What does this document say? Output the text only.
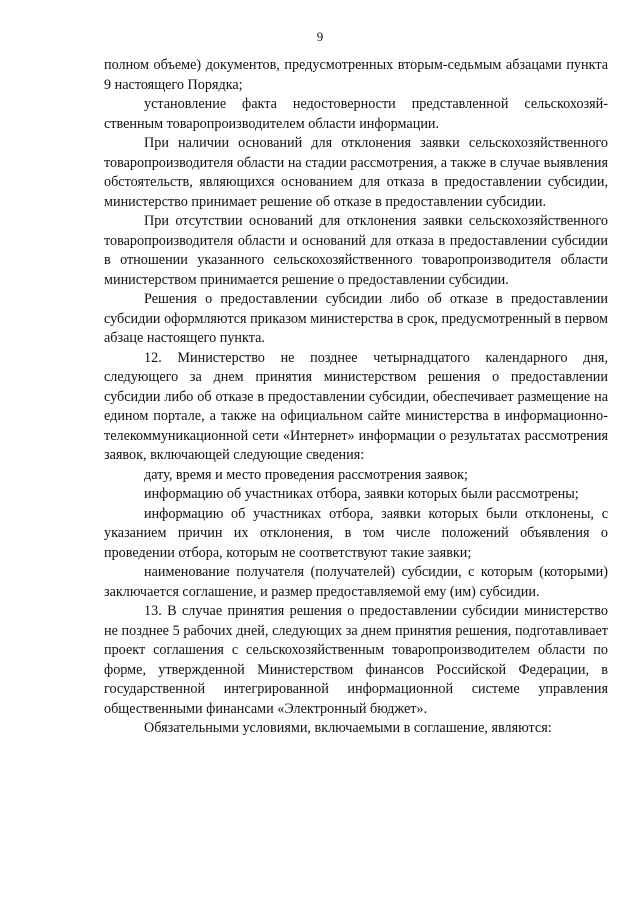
9

полном объеме) документов, предусмотренных вторым-седьмым абзацами пункта 9 настоящего Порядка;

установление факта недостоверности представленной сельскохозяйственным товаропроизводителем области информации.

При наличии оснований для отклонения заявки сельскохозяйственного товаропроизводителя области на стадии рассмотрения, а также в случае выявления обстоятельств, являющихся основанием для отказа в предоставлении субсидии, министерство принимает решение об отказе в предоставлении субсидии.

При отсутствии оснований для отклонения заявки сельскохозяйственного товаропроизводителя области и оснований для отказа в предоставлении субсидии в отношении указанного сельскохозяйственного товаропроизводителя области министерством принимается решение о предоставлении субсидии.

Решения о предоставлении субсидии либо об отказе в предоставлении субсидии оформляются приказом министерства в срок, предусмотренный в первом абзаце настоящего пункта.

12. Министерство не позднее четырнадцатого календарного дня, следующего за днем принятия министерством решения о предоставлении субсидии либо об отказе в предоставлении субсидии, обеспечивает размещение на едином портале, а также на официальном сайте министерства в информационно-телекоммуникационной сети «Интернет» информации о результатах рассмотрения заявок, включающей следующие сведения:

дату, время и место проведения рассмотрения заявок;

информацию об участниках отбора, заявки которых были рассмотрены;

информацию об участниках отбора, заявки которых были отклонены, с указанием причин их отклонения, в том числе положений объявления о проведении отбора, которым не соответствуют такие заявки;

наименование получателя (получателей) субсидии, с которым (которыми) заключается соглашение, и размер предоставляемой ему (им) субсидии.

13. В случае принятия решения о предоставлении субсидии министерство не позднее 5 рабочих дней, следующих за днем принятия решения, подготавливает проект соглашения с сельскохозяйственным товаропроизводителем области по форме, утвержденной Министерством финансов Российской Федерации, в государственной интегрированной информационной системе управления общественными финансами «Электронный бюджет».

Обязательными условиями, включаемыми в соглашение, являются:
